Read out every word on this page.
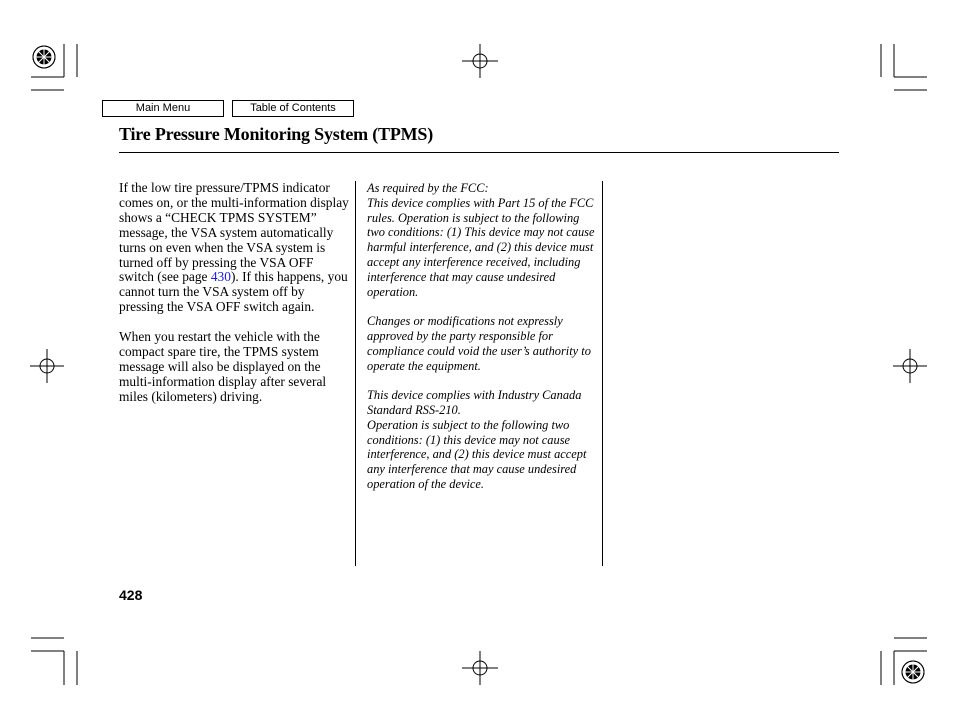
Main Menu	Table of Contents
Tire Pressure Monitoring System (TPMS)

If the low tire pressure/TPMS indicator comes on, or the multi-information display shows a “CHECK TPMS SYSTEM” message, the VSA system automatically turns on even when the VSA system is turned off by pressing the VSA OFF switch (see page 430). If this happens, you cannot turn the VSA system off by pressing the VSA OFF switch again.

When you restart the vehicle with the compact spare tire, the TPMS system message will also be displayed on the multi-information display after several miles (kilometers) driving.

As required by the FCC:
This device complies with Part 15 of the FCC rules. Operation is subject to the following two conditions: (1) This device may not cause harmful interference, and (2) this device must accept any interference received, including interference that may cause undesired operation.

Changes or modifications not expressly approved by the party responsible for compliance could void the user’s authority to operate the equipment.

This device complies with Industry Canada Standard RSS-210.
Operation is subject to the following two conditions: (1) this device may not cause interference, and (2) this device must accept any interference that may cause undesired operation of the device.

428
